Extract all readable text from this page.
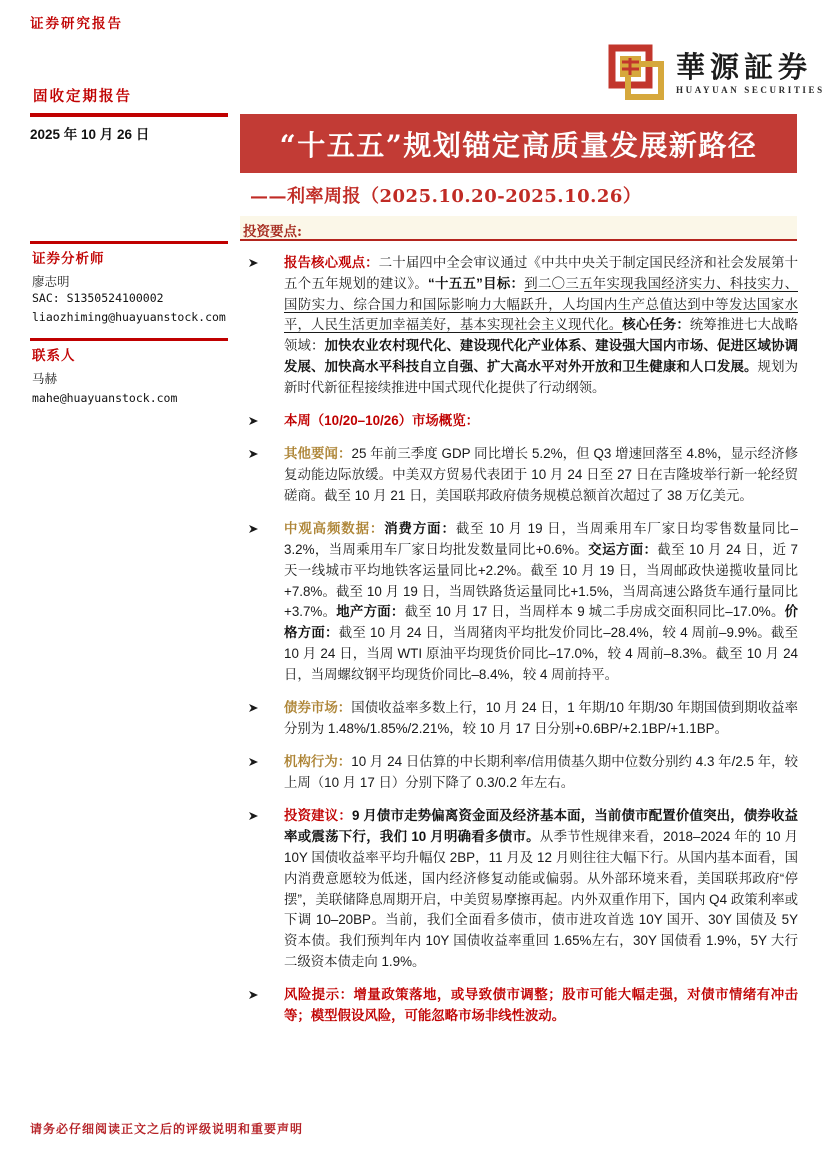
证券研究报告
華源証券
HUAYUAN SECURITIES
固收定期报告
2025 年 10 月 26 日
证券分析师
廖志明
SAC: S1350524100002
liaozhiming@huayuanstock.com
联系人
马赫
mahe@huayuanstock.com
“十五五”规划锚定高质量发展新路径
——利率周报（2025.10.20-2025.10.26）
投资要点:
报告核心观点：二十届四中全会审议通过《中共中央关于制定国民经济和社会发展第十五个五年规划的建议》。“十五五”目标：到二〇三五年实现我国经济实力、科技实力、国防实力、综合国力和国际影响力大幅跃升，人均国内生产总值达到中等发达国家水平，人民生活更加幸福美好，基本实现社会主义现代化。核心任务：统筹推进七大战略领域：加快农业农村现代化、建设现代化产业体系、建设强大国内市场、促进区域协调发展、加快高水平科技自立自强、扩大高水平对外开放和卫生健康和人口发展。规划为新时代新征程接续推进中国式现代化提供了行动纲领。
本周（10/20–10/26）市场概览：
其他要闻：25 年前三季度 GDP 同比增长 5.2%，但 Q3 增速回落至 4.8%，显示经济修复动能边际放缓。中美双方贸易代表团于 10 月 24 日至 27 日在吉隆坡举行新一轮经贸磋商。截至 10 月 21 日，美国联邦政府债务规模总额首次超过了 38 万亿美元。
中观高频数据：消费方面：截至 10 月 19 日，当周乘用车厂家日均零售数量同比–3.2%，当周乘用车厂家日均批发数量同比+0.6%。交运方面：截至 10 月 24 日，近 7 天一线城市平均地铁客运量同比+2.2%。截至 10 月 19 日，当周邮政快递揽收量同比+7.8%。截至 10 月 19 日，当周铁路货运量同比+1.5%，当周高速公路货车通行量同比+3.7%。地产方面：截至 10 月 17 日，当周样本 9 城二手房成交面积同比–17.0%。价格方面：截至 10 月 24 日，当周猪肉平均批发价同比–28.4%，较 4 周前–9.9%。截至 10 月 24 日，当周 WTI 原油平均现货价同比–17.0%，较 4 周前–8.3%。截至 10 月 24 日，当周螺纹钢平均现货价同比–8.4%，较 4 周前持平。
债券市场：国债收益率多数上行，10 月 24 日，1 年期/10 年期/30 年期国债到期收益率分别为 1.48%/1.85%/2.21%，较 10 月 17 日分别+0.6BP/+2.1BP/+1.1BP。
机构行为：10 月 24 日估算的中长期利率/信用债基久期中位数分别约 4.3 年/2.5 年，较上周（10 月 17 日）分别下降了 0.3/0.2 年左右。
投资建议：9 月债市走势偏离资金面及经济基本面，当前债市配置价值突出，债券收益率或震荡下行，我们 10 月明确看多债市。从季节性规律来看，2018–2024 年的 10 月 10Y 国债收益率平均升幅仅 2BP，11 月及 12 月则往往大幅下行。从国内基本面看，国内消费意愿较为低迷，国内经济修复动能或偏弱。从外部环境来看，美国联邦政府“停摆”，美联储降息周期开启，中美贸易摩擦再起。内外双重作用下，国内 Q4 政策利率或下调 10–20BP。当前，我们全面看多债市，债市进攻首选 10Y 国开、30Y 国债及 5Y 资本债。我们预判年内 10Y 国债收益率重回 1.65%左右，30Y 国债看 1.9%，5Y 大行二级资本债走向 1.9%。
风险提示：增量政策落地，或导致债市调整；股市可能大幅走强，对债市情绪有冲击等；模型假设风险，可能忽略市场非线性波动。
请务必仔细阅读正文之后的评级说明和重要声明
